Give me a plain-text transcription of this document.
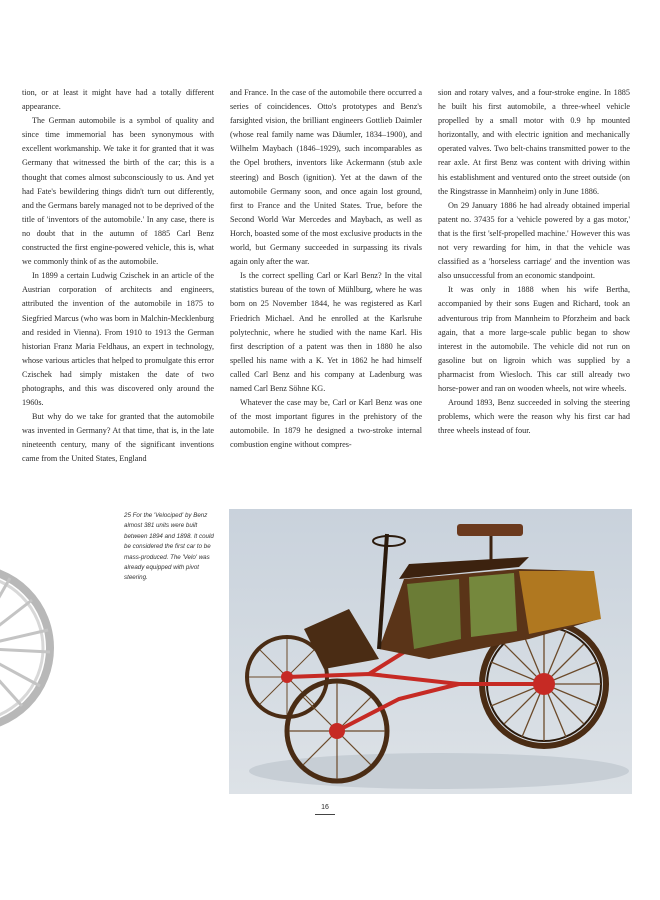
tion, or at least it might have had a totally different appearance.

The German automobile is a symbol of quality and since time immemorial has been synonymous with excellent workmanship. We take it for granted that it was Germany that witnessed the birth of the car; this is a thought that comes almost subconsciously to us. And yet had Fate's bewildering things didn't turn out differently, and the Germans barely managed not to be deprived of the title of 'inventors of the automobile.' In any case, there is no doubt that in the autumn of 1885 Carl Benz constructed the first engine-powered vehicle, this is, what we commonly think of as the automobile.

In 1899 a certain Ludwig Czischek in an article of the Austrian corporation of architects and engineers, attributed the invention of the automobile in 1875 to Siegfried Marcus (who was born in Malchin-Mecklenburg and resided in Vienna). From 1910 to 1913 the German historian Franz Maria Feldhaus, an expert in technology, whose various articles that helped to promulgate this error Czischek had simply mistaken the date of two photographs, and this was discovered only around the 1960s.

But why do we take for granted that the automobile was invented in Germany? At that time, that is, in the late nineteenth century, many of the significant inventions came from the United States, England

and France. In the case of the automobile there occurred a series of coincidences. Otto's prototypes and Benz's farsighted vision, the brilliant engineers Gottlieb Daimler (whose real family name was Däumler, 1834–1900), and Wilhelm Maybach (1846–1929), such incomparables as the Opel brothers, inventors like Ackermann (stub axle steering) and Bosch (ignition). Yet at the dawn of the automobile Germany soon, and once again lost ground, first to France and the United States. True, before the Second World War Mercedes and Maybach, as well as Horch, boasted some of the most exclusive products in the world, but Germany succeeded in surpassing its rivals again only after the war.

Is the correct spelling Carl or Karl Benz? In the vital statistics bureau of the town of Mühlburg, where he was born on 25 November 1844, he was registered as Karl Friedrich Michael. And he enrolled at the Karlsruhe polytechnic, where he studied with the name Karl. His first description of a patent was then in 1880 he also spelled his name with a K. Yet in 1862 he had himself called Carl Benz and his company at Ladenburg was named Carl Benz Söhne KG.

Whatever the case may be, Carl or Karl Benz was one of the most important figures in the prehistory of the automobile. In 1879 he designed a two-stroke internal combustion engine without compres-

sion and rotary valves, and a four-stroke engine. In 1885 he built his first automobile, a three-wheel vehicle propelled by a small motor with 0.9 hp mounted horizontally, and with electric ignition and mechanically operated valves. Two belt-chains transmitted power to the rear axle. At first Benz was content with driving within his establishment and ventured onto the street outside (on the Ringstrasse in Mannheim) only in June 1886.

On 29 January 1886 he had already obtained imperial patent no. 37435 for a 'vehicle powered by a gas motor,' that is the first 'self-propelled machine.' However this was not very rewarding for him, in that the vehicle was classified as a 'horseless carriage' and the invention was also unsuccessful from an economic standpoint.

It was only in 1888 when his wife Bertha, accompanied by their sons Eugen and Richard, took an adventurous trip from Mannheim to Pforzheim and back again, that a more large-scale public began to show interest in the automobile. The vehicle did not run on gasoline but on ligroin which was supplied by a pharmacist from Wiesloch. This car still already two horse-power and ran on wooden wheels, not wire wheels.

Around 1893, Benz succeeded in solving the steering problems, which were the reason why his first car had three wheels instead of four.

25 For the 'Velociped' by Benz almost 381 units were built between 1894 and 1898. It could be considered the first car to be mass-produced. The 'Velo' was already equipped with pivot steering.
16
